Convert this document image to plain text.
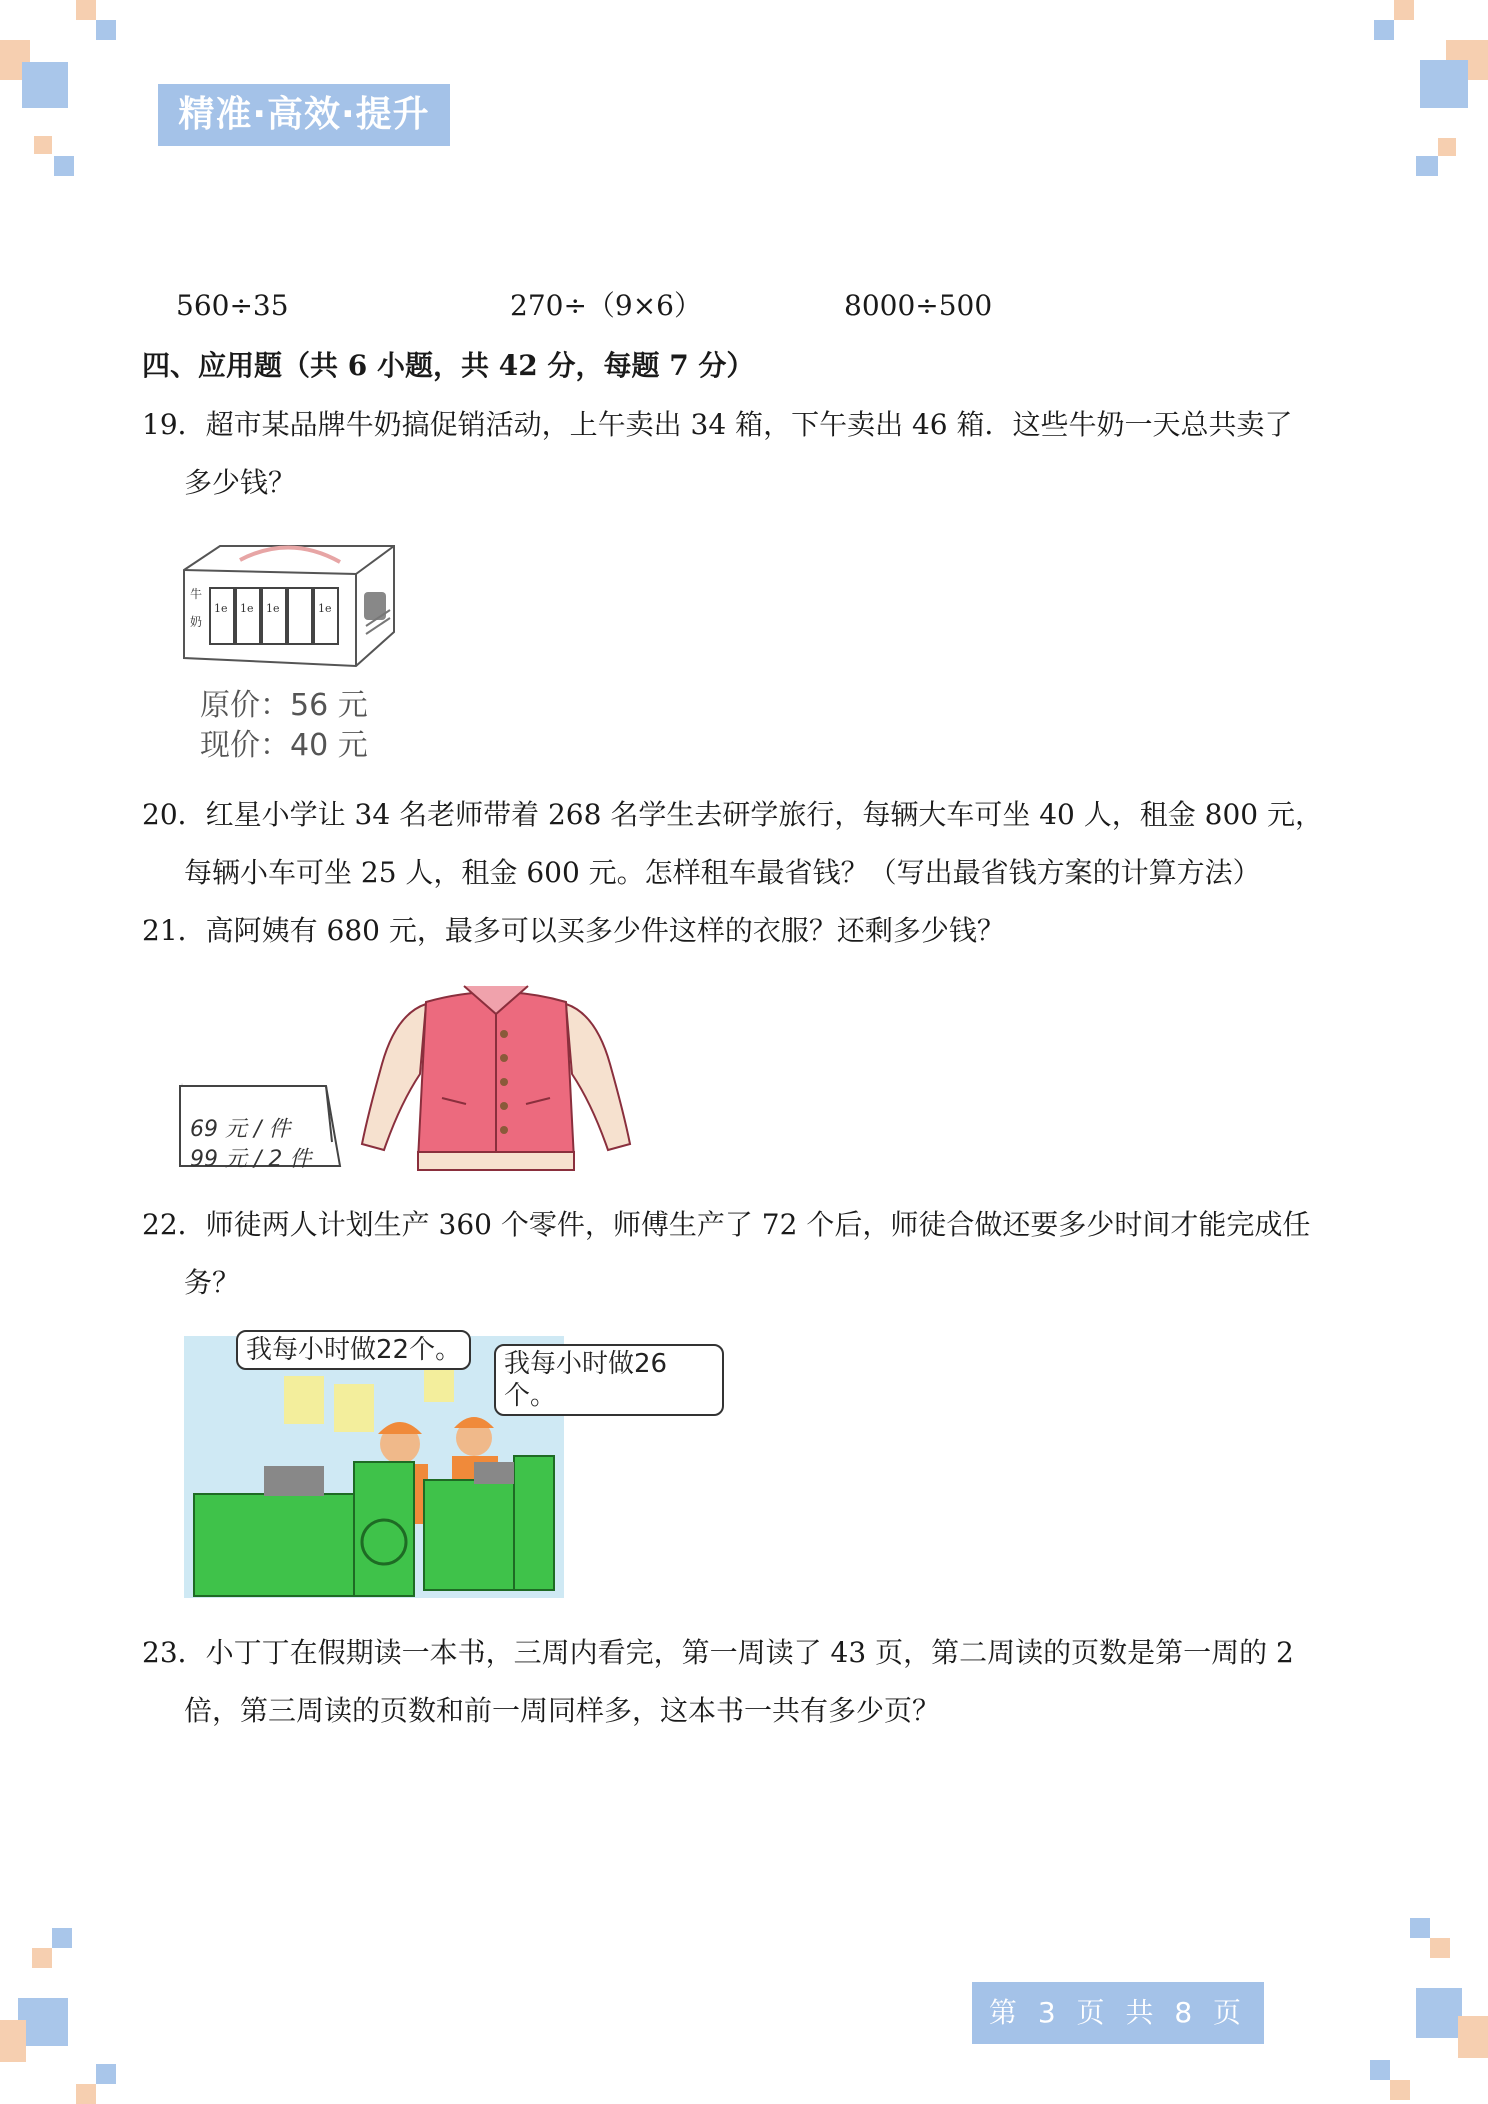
精准·高效·提升
560÷35	270÷（9×6）	8000÷500
四、应用题（共 6 小题，共 42 分，每题 7 分）
19．超市某品牌牛奶搞促销活动，上午卖出 34 箱，下午卖出 46 箱．这些牛奶一天总共卖了
多少钱？
1e 1e 1e	1e
牛
奶
原价：56 元
现价：40 元
20．红星小学让 34 名老师带着 268 名学生去研学旅行，每辆大车可坐 40 人，租金 800 元，
每辆小车可坐 25 人，租金 600 元。怎样租车最省钱？（写出最省钱方案的计算方法）
21．高阿姨有 680 元，最多可以买多少件这样的衣服？还剩多少钱？
69 元 / 件
99 元 / 2 件
22．师徒两人计划生产 360 个零件，师傅生产了 72 个后，师徒合做还要多少时间才能完成任
务？
我每小时做22个。	我每小时做26个。
23．小丁丁在假期读一本书，三周内看完，第一周读了 43 页，第二周读的页数是第一周的 2
倍，第三周读的页数和前一周同样多，这本书一共有多少页？
第 3 页 共 8 页
